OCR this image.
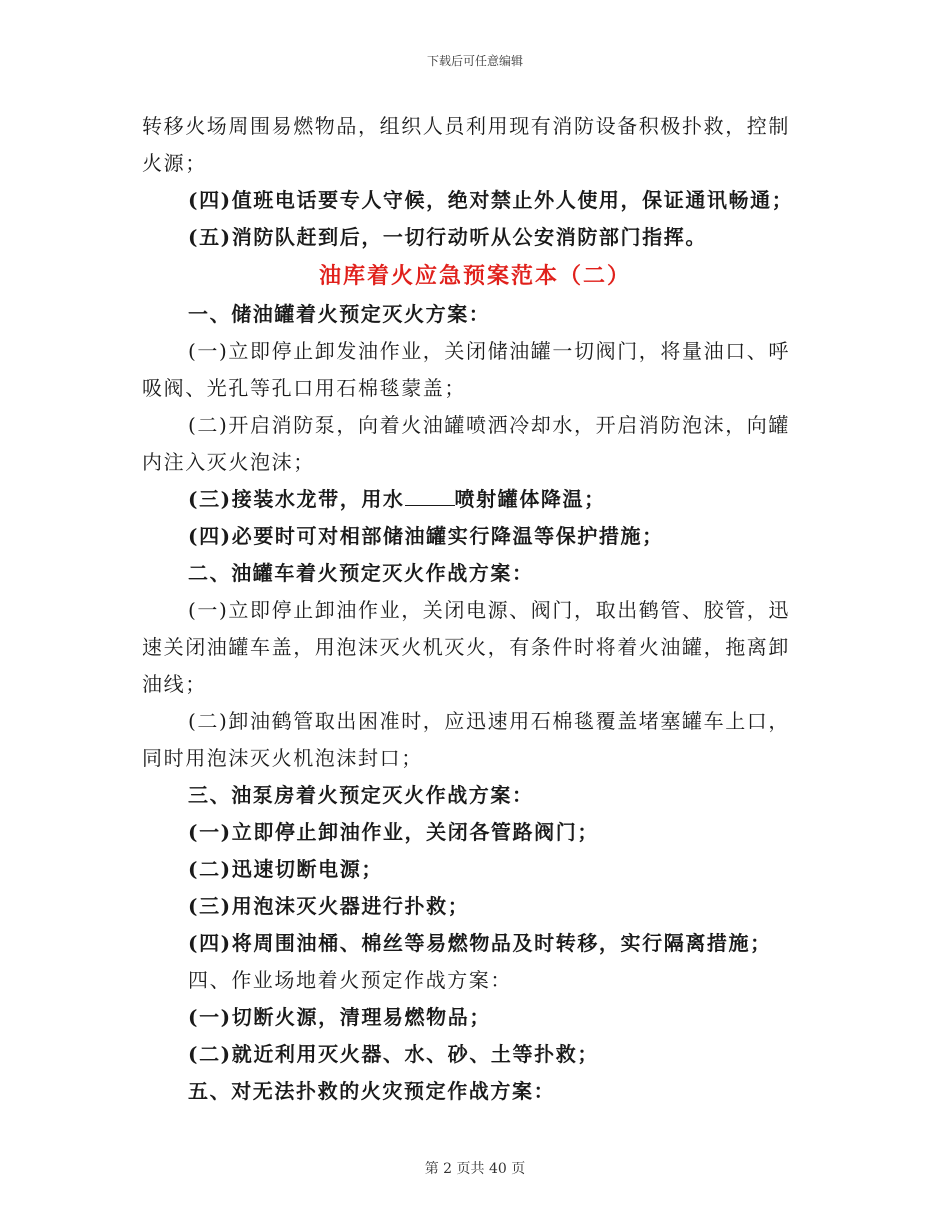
下载后可任意编辑

转移火场周围易燃物品，组织人员利用现有消防设备积极扑救，控制火源；

(四)值班电话要专人守候，绝对禁止外人使用，保证通讯畅通；

(五)消防队赶到后，一切行动听从公安消防部门指挥。

油库着火应急预案范本（二）

一、储油罐着火预定灭火方案：

(一)立即停止卸发油作业，关闭储油罐一切阀门，将量油口、呼吸阀、光孔等孔口用石棉毯蒙盖；

(二)开启消防泵，向着火油罐喷洒冷却水，开启消防泡沫，向罐内注入灭火泡沫；

(三)接装水龙带，用水	喷射罐体降温；

(四)必要时可对相部储油罐实行降温等保护措施；

二、油罐车着火预定灭火作战方案：

(一)立即停止卸油作业，关闭电源、阀门，取出鹤管、胶管，迅速关闭油罐车盖，用泡沫灭火机灭火，有条件时将着火油罐，拖离卸油线；

(二)卸油鹤管取出困准时，应迅速用石棉毯覆盖堵塞罐车上口，同时用泡沫灭火机泡沫封口；

三、油泵房着火预定灭火作战方案：

(一)立即停止卸油作业，关闭各管路阀门；

(二)迅速切断电源；

(三)用泡沫灭火器进行扑救；

(四)将周围油桶、棉丝等易燃物品及时转移，实行隔离措施；

四、作业场地着火预定作战方案：

(一)切断火源，清理易燃物品；

(二)就近利用灭火器、水、砂、土等扑救；

五、对无法扑救的火灾预定作战方案：

第 2 页共 40 页
